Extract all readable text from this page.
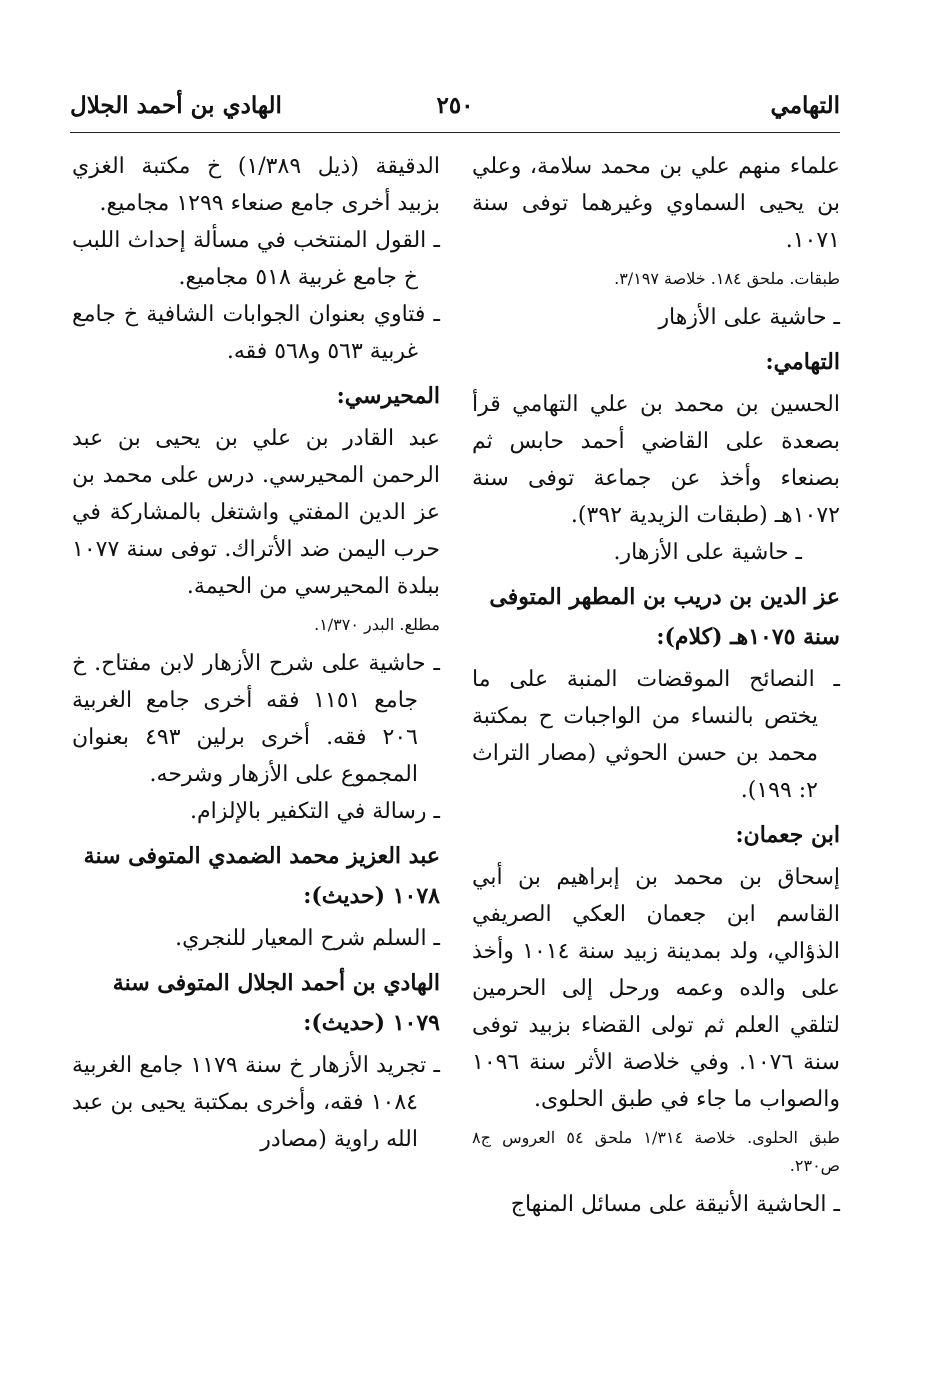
التهامي
٢٥٠
الهادي بن أحمد الجلال

علماء منهم علي بن محمد سلامة، وعلي بن يحيى السماوي وغيرهما توفى سنة ١٠٧١.

طبقات. ملحق ١٨٤. خلاصة ٣/١٩٧.

ـ حاشية على الأزهار

التهامي:

الحسين بن محمد بن علي التهامي قرأ بصعدة على القاضي أحمد حابس ثم بصنعاء وأخذ عن جماعة توفى سنة ١٠٧٢هـ (طبقات الزيدية ٣٩٢).

ـ حاشية على الأزهار.

عز الدين بن دريب بن المطهر المتوفى سنة ١٠٧٥هـ (كلام):

ـ النصائح الموقضات المنبة على ما يختص بالنساء من الواجبات ح بمكتبة محمد بن حسن الحوثي (مصار التراث ٢: ١٩٩).

ابن جعمان:

إسحاق بن محمد بن إبراهيم بن أبي القاسم ابن جعمان العكي الصريفي الذؤالي، ولد بمدينة زبيد سنة ١٠١٤ وأخذ على والده وعمه ورحل إلى الحرمين لتلقي العلم ثم تولى القضاء بزبيد توفى سنة ١٠٧٦. وفي خلاصة الأثر سنة ١٠٩٦ والصواب ما جاء في طبق الحلوى.

طبق الحلوى. خلاصة ١/٣١٤ ملحق ٥٤ العروس ج٨ ص٢٣٠.

ـ الحاشية الأنيقة على مسائل المنهاج

الدقيقة (ذيل ١/٣٨٩) خ مكتبة الغزي بزبيد أخرى جامع صنعاء ١٢٩٩ مجاميع.

ـ القول المنتخب في مسألة إحداث اللبب خ جامع غربية ٥١٨ مجاميع.

ـ فتاوي بعنوان الجوابات الشافية خ جامع غربية ٥٦٣ و٥٦٨ فقه.

المحيرسي:

عبد القادر بن علي بن يحيى بن عبد الرحمن المحيرسي. درس على محمد بن عز الدين المفتي واشتغل بالمشاركة في حرب اليمن ضد الأتراك. توفى سنة ١٠٧٧ ببلدة المحيرسي من الحيمة.

مطلع. البدر ١/٣٧٠.

ـ حاشية على شرح الأزهار لابن مفتاح. خ جامع ١١٥١ فقه أخرى جامع الغربية ٢٠٦ فقه. أخرى برلين ٤٩٣ بعنوان المجموع على الأزهار وشرحه.

ـ رسالة في التكفير بالإلزام.

عبد العزيز محمد الضمدي المتوفى سنة ١٠٧٨ (حديث):

ـ السلم شرح المعيار للنجري.

الهادي بن أحمد الجلال المتوفى سنة ١٠٧٩ (حديث):

ـ تجريد الأزهار خ سنة ١١٧٩ جامع الغربية ١٠٨٤ فقه، وأخرى بمكتبة يحيى بن عبد الله راوية (مصادر
